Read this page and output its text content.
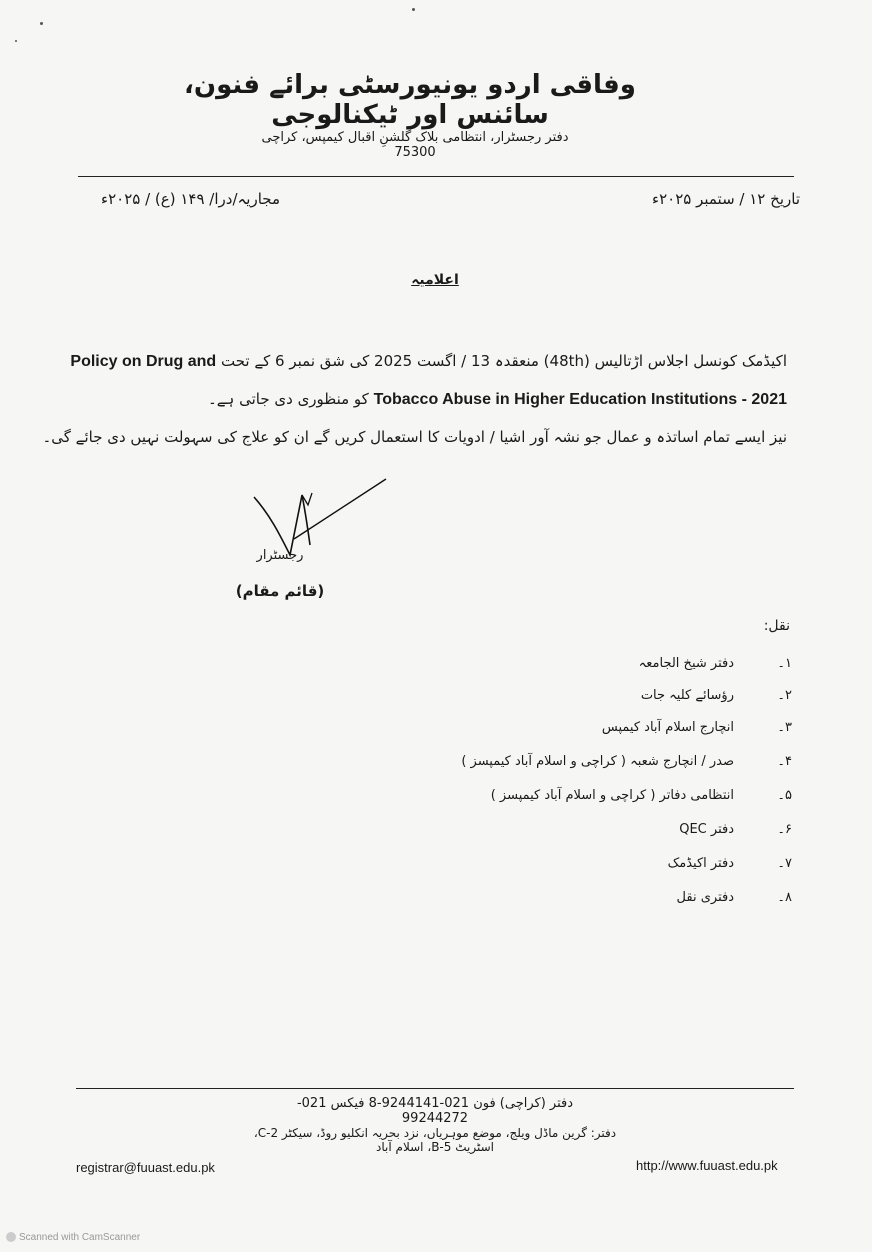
وفاقی اردو یونیورسٹی برائے فنون، سائنس اور ٹیکنالوجی
دفتر رجسٹرار، انتظامی بلاک گلشنِ اقبال کیمپس، کراچی 75300
تاریخ ۱۲ / ستمبر ۲۰۲۵ء
مجاریہ/درا/ ۱۴۹ (ع) / ۲۰۲۵ء
اعلامیہ
Policy on Drug and اکیڈمک کونسل اجلاس اڑتالیس (48th) منعقدہ 13 / اگست 2025 کی شق نمبر 6 کے تحت
کو منظوری دی جاتی ہے۔ Tobacco Abuse in Higher Education Institutions - 2021
نیز ایسے تمام اساتذہ و عمال جو نشہ آور اشیا / ادویات کا استعمال کریں گے ان کو علاج کی سہولت نہیں دی جائے گی۔
رجسٹرار
(قائم مقام)
نقل:
۱۔
دفتر شیخ الجامعہ
۲۔
رؤسائے کلیہ جات
۳۔
انچارج اسلام آباد کیمپس
۴۔
صدر / انچارج شعبہ ( کراچی و اسلام آباد کیمپسز )
۵۔
انتظامی دفاتر ( کراچی و اسلام آباد کیمپسز )
۶۔
دفتر QEC
۷۔
دفتر اکیڈمک
۸۔
دفتری نقل
دفتر (کراچی) فون 021-9244141-8 فیکس 021-99244272
دفتر: گرین ماڈل ویلج، موضع موہریاں، نزد بحریہ انکلیو روڈ، سیکٹر C-2، اسٹریٹ B-5، اسلام آباد
registrar@fuuast.edu.pk	http://www.fuuast.edu.pk
Scanned with CamScanner
